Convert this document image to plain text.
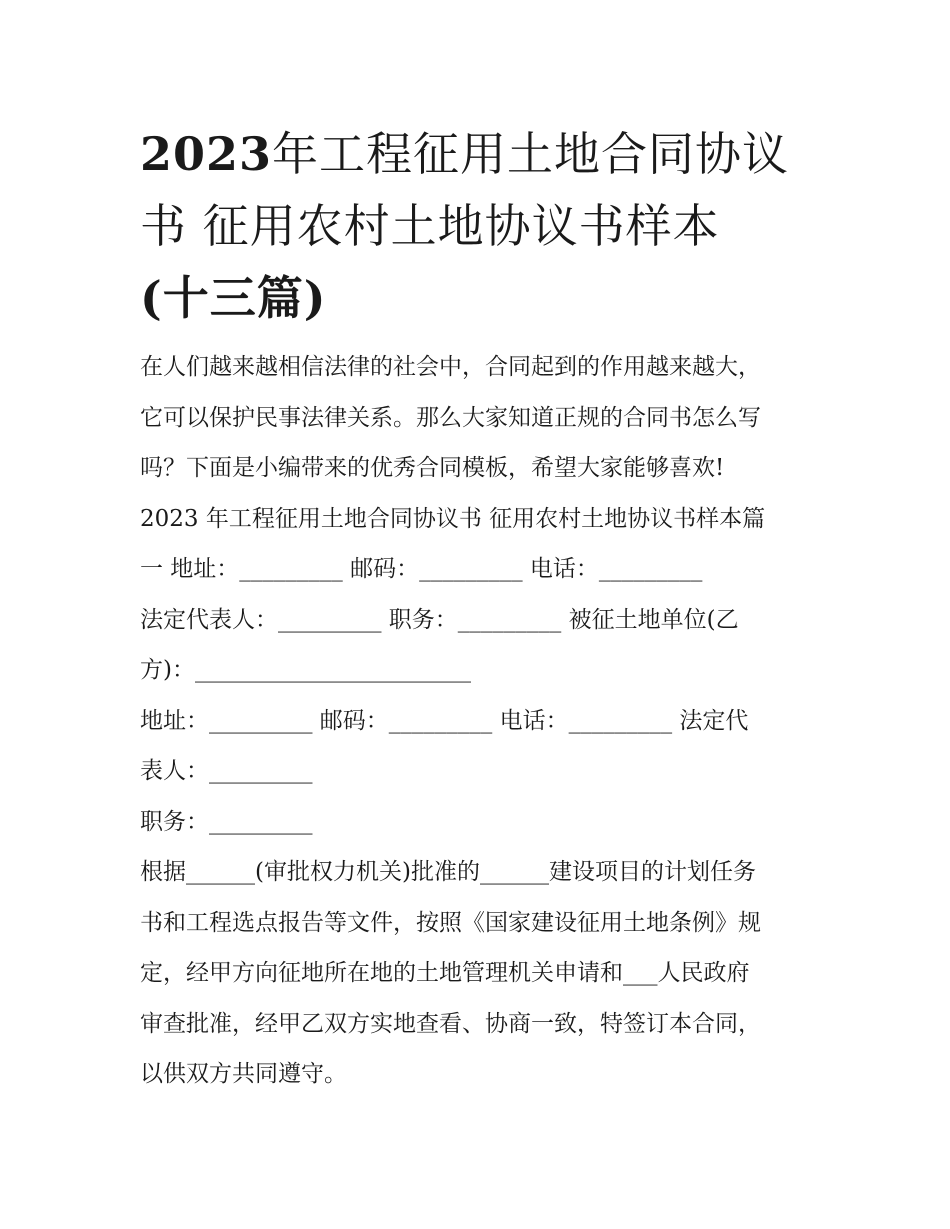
2023年工程征用土地合同协议
书 征用农村土地协议书样本
(十三篇)

在人们越来越相信法律的社会中，合同起到的作用越来越大，

它可以保护民事法律关系。那么大家知道正规的合同书怎么写

吗？下面是小编带来的优秀合同模板，希望大家能够喜欢!

2023 年工程征用土地合同协议书 征用农村土地协议书样本篇

一 地址：_________ 邮码：_________ 电话：_________

法定代表人：_________ 职务：_________ 被征土地单位(乙

方)：________________________

地址：_________ 邮码：_________ 电话：_________ 法定代

表人：_________

职务：_________

根据______(审批权力机关)批准的______建设项目的计划任务

书和工程选点报告等文件，按照《国家建设征用土地条例》规

定，经甲方向征地所在地的土地管理机关申请和___人民政府

审查批准，经甲乙双方实地查看、协商一致，特签订本合同，

以供双方共同遵守。
